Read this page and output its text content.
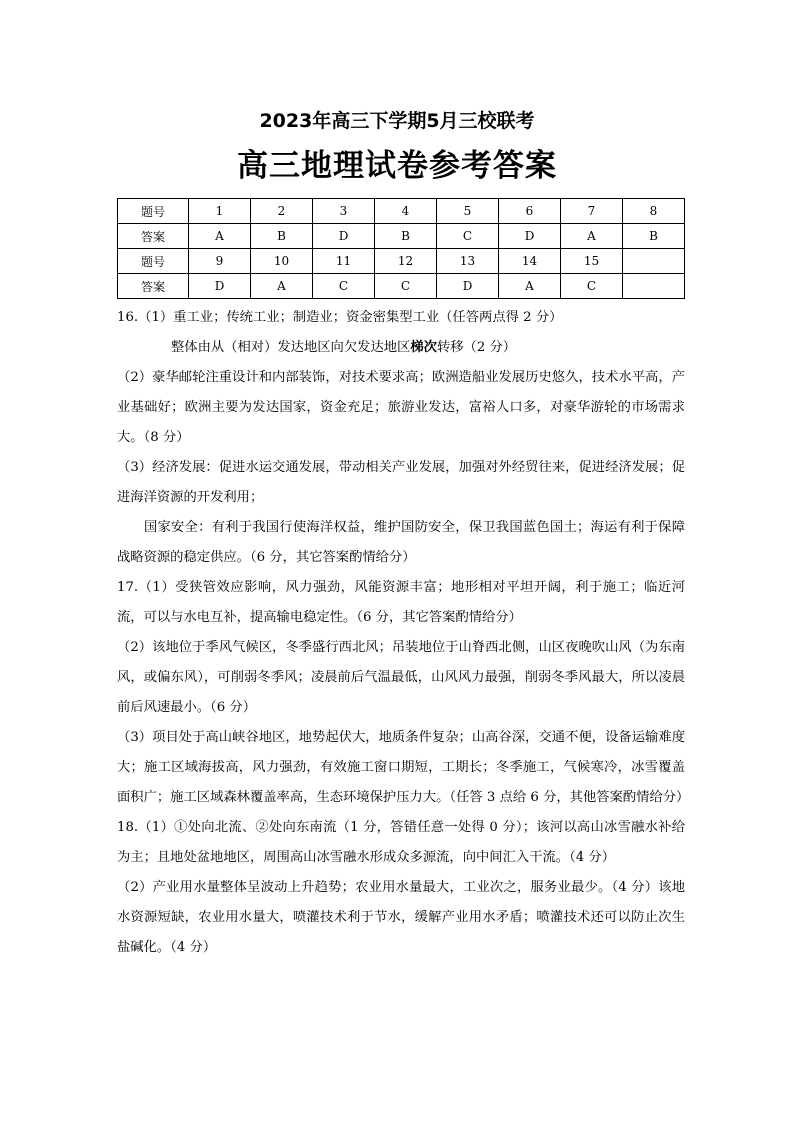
2023年高三下学期5月三校联考
高三地理试卷参考答案
题号	1	2	3	4	5	6	7	8
答案	A	B	D	B	C	D	A	B
题号	9	10	11	12	13	14	15	
答案	D	A	C	C	D	A	C	

16.（1）重工业；传统工业；制造业；资金密集型工业（任答两点得 2 分）

整体由从（相对）发达地区向欠发达地区梯次转移（2 分）

（2）豪华邮轮注重设计和内部装饰，对技术要求高；欧洲造船业发展历史悠久，技术水平高，产业基础好；欧洲主要为发达国家，资金充足；旅游业发达，富裕人口多，对豪华游轮的市场需求大。（8 分）

（3）经济发展：促进水运交通发展，带动相关产业发展，加强对外经贸往来，促进经济发展；促进海洋资源的开发利用；

国家安全：有利于我国行使海洋权益，维护国防安全，保卫我国蓝色国土；海运有利于保障战略资源的稳定供应。（6 分，其它答案酌情给分）

17.（1）受狭管效应影响，风力强劲，风能资源丰富；地形相对平坦开阔，利于施工；临近河流，可以与水电互补，提高输电稳定性。（6 分，其它答案酌情给分）

（2）该地位于季风气候区，冬季盛行西北风；吊装地位于山脊西北侧，山区夜晚吹山风（为东南风，或偏东风），可削弱冬季风；凌晨前后气温最低，山风风力最强，削弱冬季风最大，所以凌晨前后风速最小。（6 分）

（3）项目处于高山峡谷地区，地势起伏大，地质条件复杂；山高谷深，交通不便，设备运输难度大；施工区域海拔高，风力强劲，有效施工窗口期短，工期长；冬季施工，气候寒冷，冰雪覆盖面积广；施工区域森林覆盖率高，生态环境保护压力大。（任答 3 点给 6 分，其他答案酌情给分）

18.（1）①处向北流、②处向东南流（1 分，答错任意一处得 0 分）；该河以高山冰雪融水补给为主；且地处盆地地区，周围高山冰雪融水形成众多源流，向中间汇入干流。（4 分）

（2）产业用水量整体呈波动上升趋势；农业用水量最大，工业次之，服务业最少。（4 分）该地水资源短缺，农业用水量大，喷灌技术利于节水，缓解产业用水矛盾；喷灌技术还可以防止次生盐碱化。（4 分）
